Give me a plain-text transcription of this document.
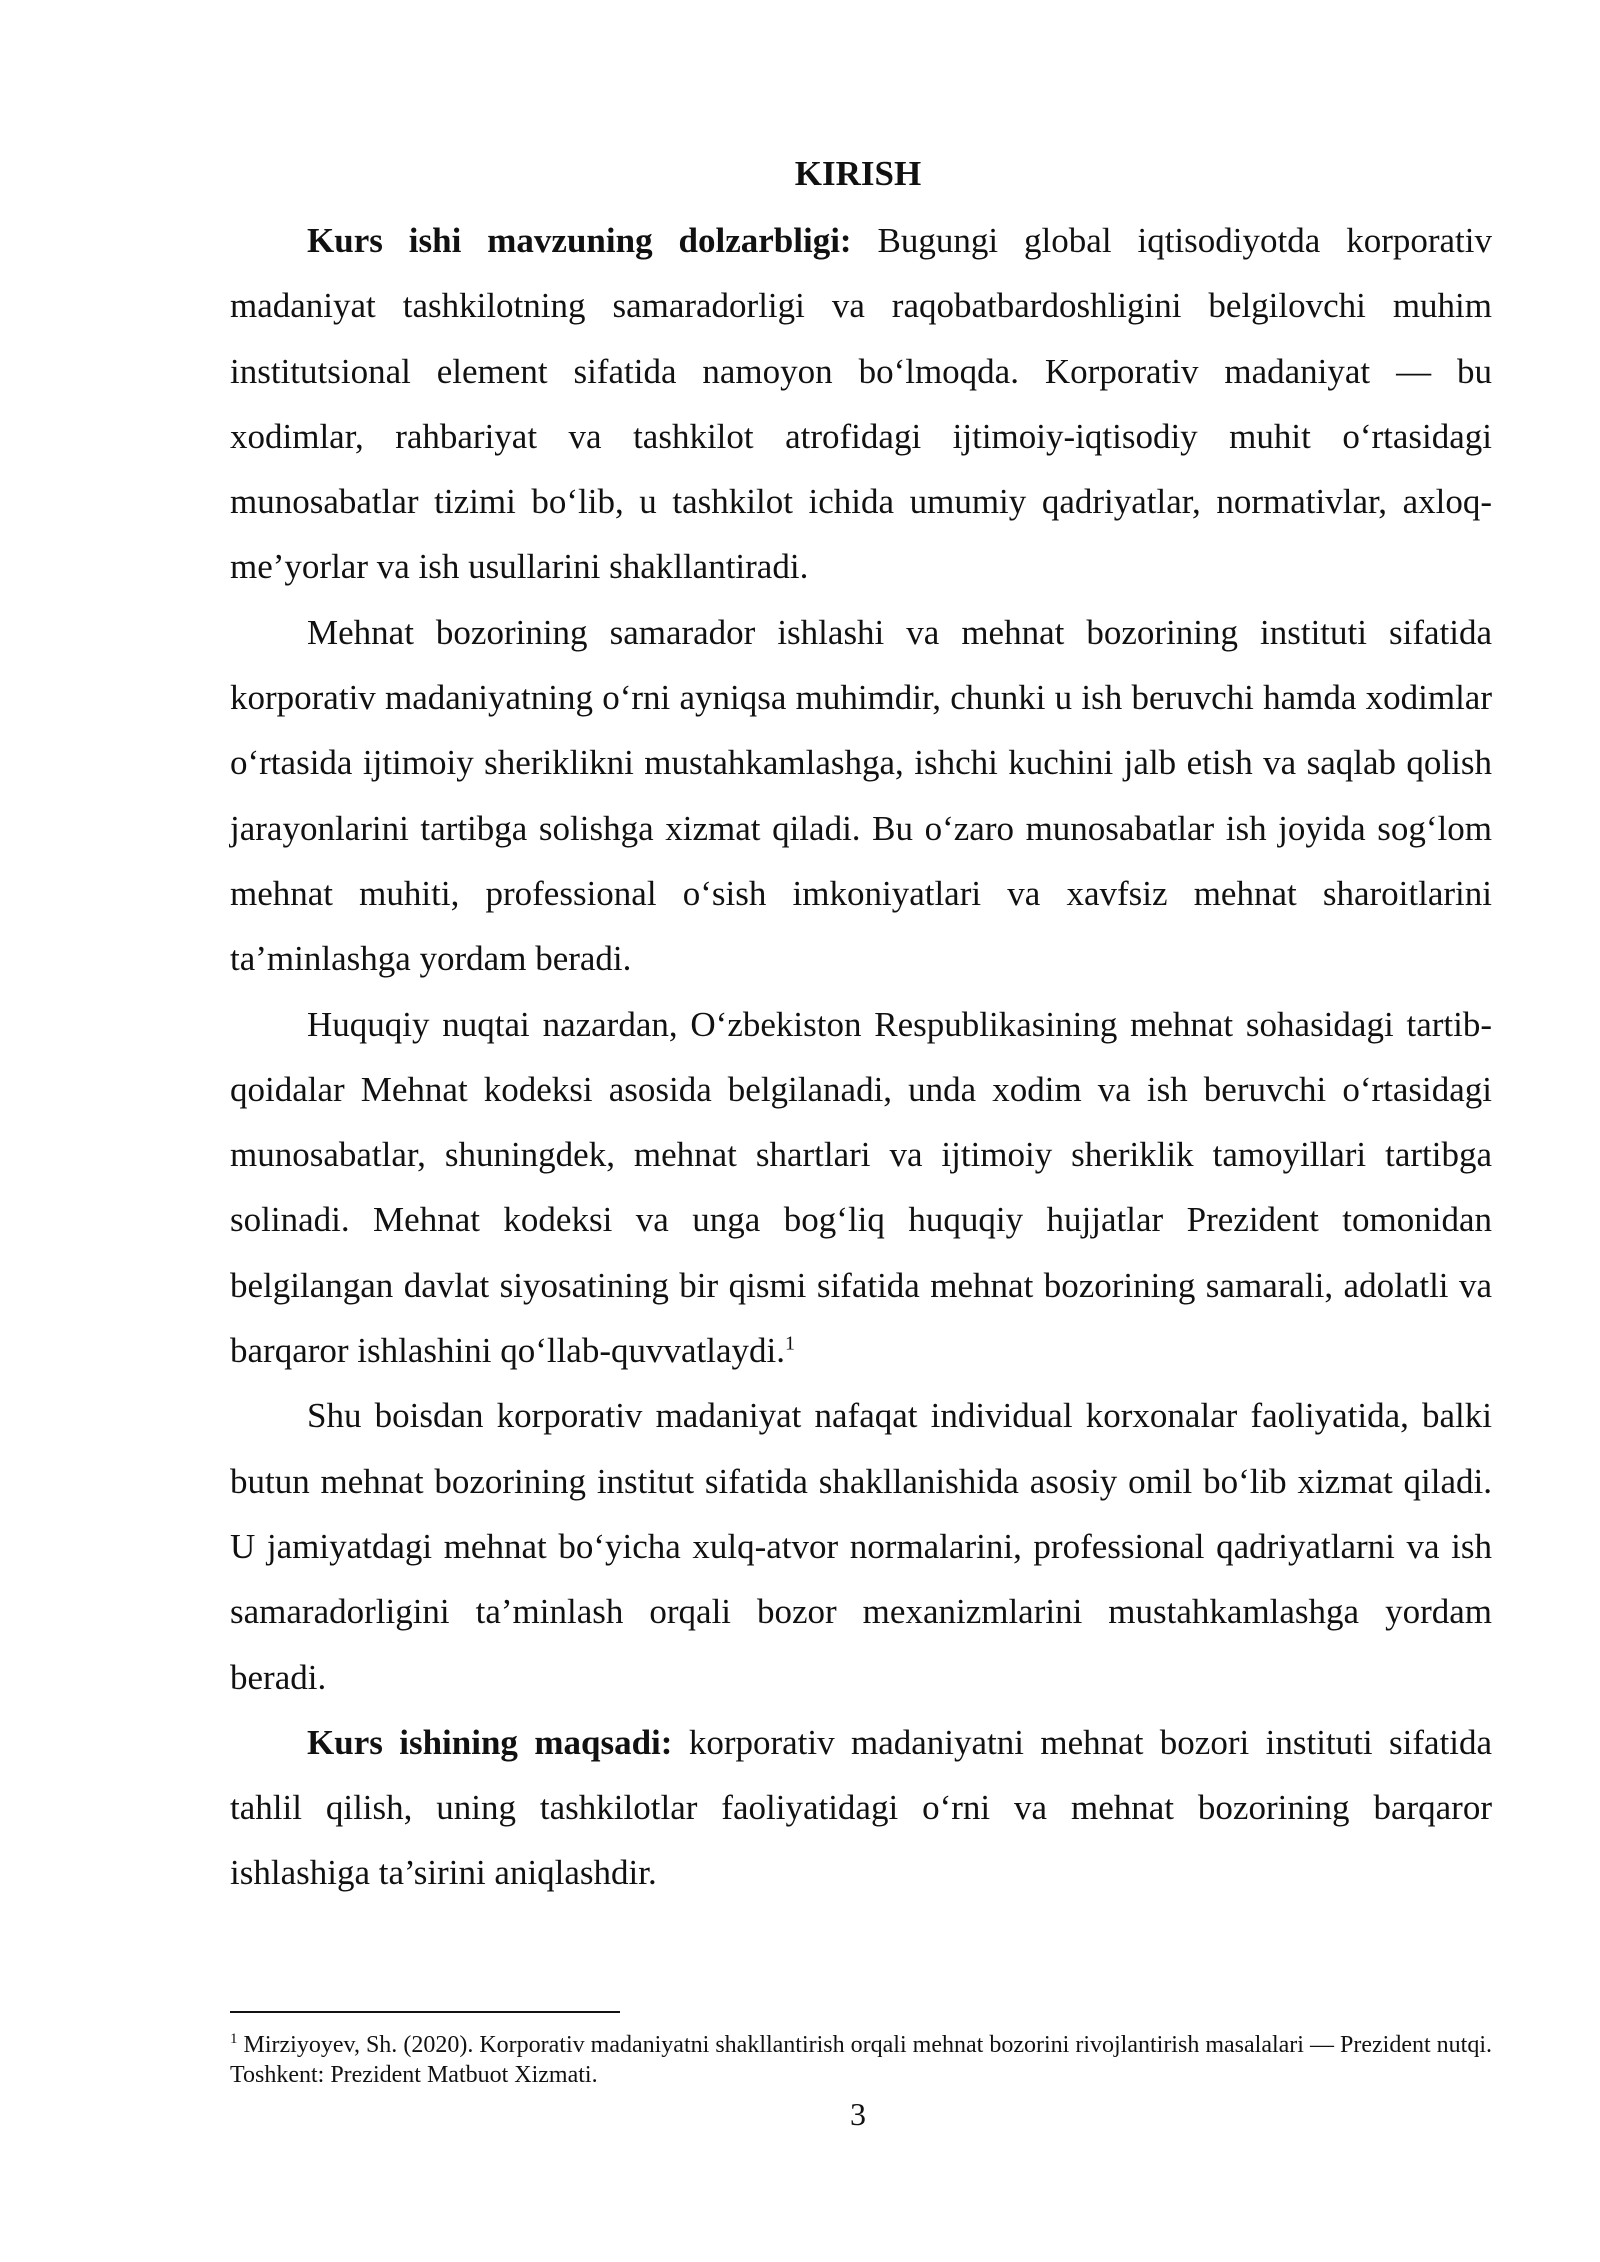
KIRISH

Kurs ishi mavzuning dolzarbligi: Bugungi global iqtisodiyotda korporativ madaniyat tashkilotning samaradorligi va raqobatbardoshligini belgilovchi muhim institutsional element sifatida namoyon bo‘lmoqda. Korporativ madaniyat — bu xodimlar, rahbariyat va tashkilot atrofidagi ijtimoiy-iqtisodiy muhit o‘rtasidagi munosabatlar tizimi bo‘lib, u tashkilot ichida umumiy qadriyatlar, normativlar, axloq-me’yorlar va ish usullarini shakllantiradi.

Mehnat bozorining samarador ishlashi va mehnat bozorining instituti sifatida korporativ madaniyatning o‘rni ayniqsa muhimdir, chunki u ish beruvchi hamda xodimlar o‘rtasida ijtimoiy sheriklikni mustahkamlashga, ishchi kuchini jalb etish va saqlab qolish jarayonlarini tartibga solishga xizmat qiladi. Bu o‘zaro munosabatlar ish joyida sog‘lom mehnat muhiti, professional o‘sish imkoniyatlari va xavfsiz mehnat sharoitlarini ta’minlashga yordam beradi.

Huquqiy nuqtai nazardan, O‘zbekiston Respublikasining mehnat sohasidagi tartib-qoidalar Mehnat kodeksi asosida belgilanadi, unda xodim va ish beruvchi o‘rtasidagi munosabatlar, shuningdek, mehnat shartlari va ijtimoiy sheriklik tamoyillari tartibga solinadi. Mehnat kodeksi va unga bog‘liq huquqiy hujjatlar Prezident tomonidan belgilangan davlat siyosatining bir qismi sifatida mehnat bozorining samarali, adolatli va barqaror ishlashini qo‘llab-quvvatlaydi.$^1$

Shu boisdan korporativ madaniyat nafaqat individual korxonalar faoliyatida, balki butun mehnat bozorining institut sifatida shakllanishida asosiy omil bo‘lib xizmat qiladi. U jamiyatdagi mehnat bo‘yicha xulq-atvor normalarini, professional qadriyatlarni va ish samaradorligini ta’minlash orqali bozor mexanizmlarini mustahkamlashga yordam beradi.

Kurs ishining maqsadi: korporativ madaniyatni mehnat bozori instituti sifatida tahlil qilish, uning tashkilotlar faoliyatidagi o‘rni va mehnat bozorining barqaror ishlashiga ta’sirini aniqlashdir.

$^1$ Mirziyoyev, Sh. (2020). Korporativ madaniyatni shakllantirish orqali mehnat bozorini rivojlantirish masalalari — Prezident nutqi. Toshkent: Prezident Matbuot Xizmati.

3
